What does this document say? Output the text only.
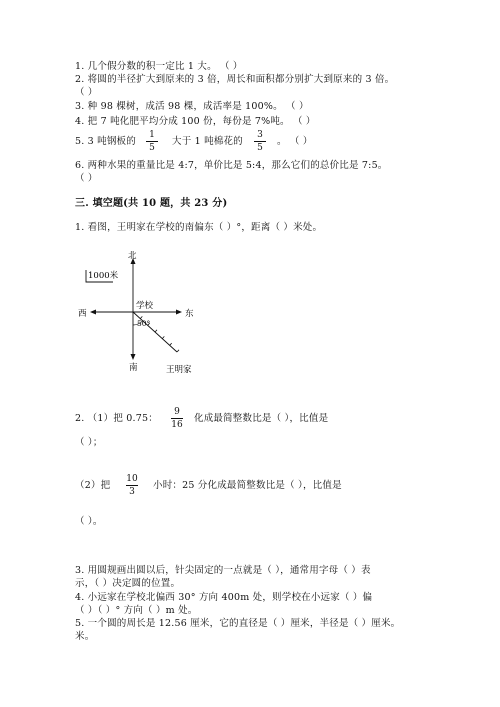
1. 几个假分数的积一定比 1 大。 （ ）
2. 将圆的半径扩大到原来的 3 倍，周长和面积都分别扩大到原来的 3 倍。
（ ）
3. 种 98 棵树，成活 98 棵，成活率是 100%。 （ ）
4. 把 7 吨化肥平均分成 100 份，每份是 7%吨。 （ ）
5. 3 吨钢板的
1
5
大于 1 吨棉花的
3
5
。 （ ）
6. 两种水果的重量比是 4:7，单价比是 5:4，那么它们的总价比是 7:5。
（ ）
三. 填空题(共 10 题，共 23 分)
1. 看图，王明家在学校的南偏东（ ）°，距离（ ）米处。
1000米
北
南
西	东
学校
50°
王明家
2. （1）把 0.75：
9
16
化成最简整数比是（ ），比值是
（ ）；
（2）把
10
3
小时：25 分化成最简整数比是（ ），比值是
（ ）。
3. 用圆规画出圆以后，针尖固定的一点就是（ ），通常用字母（ ）表
示，（ ）决定圆的位置。
4. 小远家在学校北偏西 30° 方向 400m 处，则学校在小远家（ ）偏
（ ）（ ）° 方向（ ）m 处。
5. 一个圆的周长是 12.56 厘米，它的直径是（ ）厘米，半径是（ ）厘米。
米。
